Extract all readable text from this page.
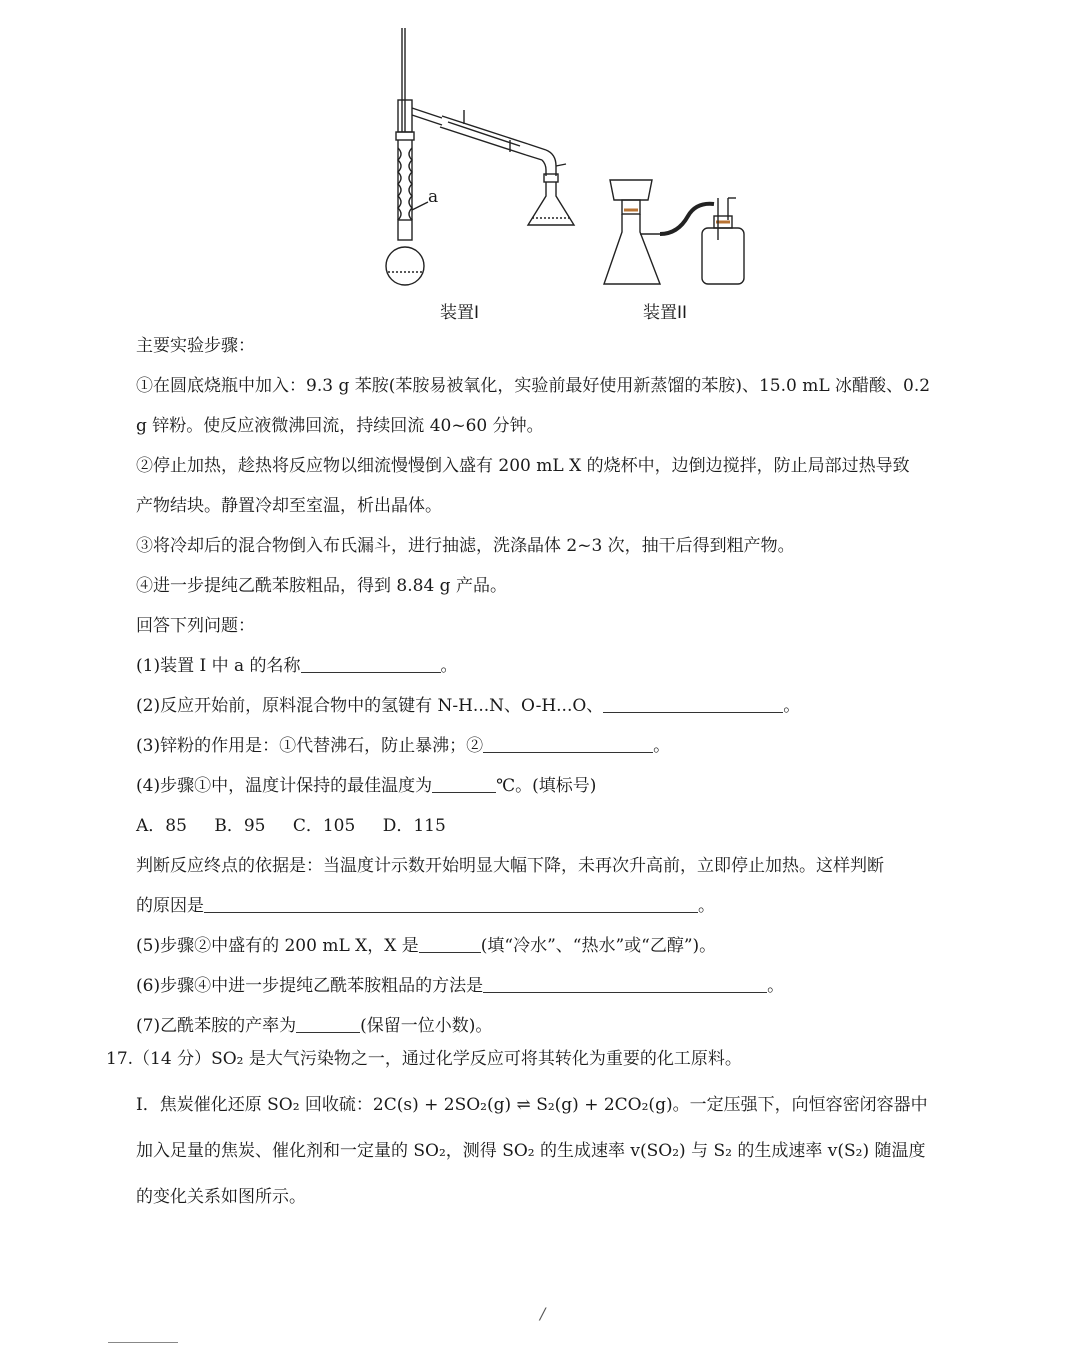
a
装置I	装置II
主要实验步骤：
①在圆底烧瓶中加入：9.3 g 苯胺(苯胺易被氧化，实验前最好使用新蒸馏的苯胺)、15.0 mL 冰醋酸、0.2
g 锌粉。使反应液微沸回流，持续回流 40~60 分钟。
②停止加热，趁热将反应物以细流慢慢倒入盛有 200 mL X 的烧杯中，边倒边搅拌，防止局部过热导致
产物结块。静置冷却至室温，析出晶体。
③将冷却后的混合物倒入布氏漏斗，进行抽滤，洗涤晶体 2~3 次，抽干后得到粗产物。
④进一步提纯乙酰苯胺粗品，得到 8.84 g 产品。
回答下列问题：
(1)装置 I 中 a 的名称	。
(2)反应开始前，原料混合物中的氢键有 N-H...N、O-H...O、	。
(3)锌粉的作用是：①代替沸石，防止暴沸；②	。
(4)步骤①中，温度计保持的最佳温度为	℃。(填标号)
A．85 B．95 C．105 D．115
判断反应终点的依据是：当温度计示数开始明显大幅下降，未再次升高前，立即停止加热。这样判断
的原因是	。
(5)步骤②中盛有的 200 mL X，X 是	(填“冷水”、“热水”或“乙醇”)。
(6)步骤④中进一步提纯乙酰苯胺粗品的方法是	。
(7)乙酰苯胺的产率为	(保留一位小数)。
17.（14 分）SO₂ 是大气污染物之一，通过化学反应可将其转化为重要的化工原料。
I．焦炭催化还原 SO₂ 回收硫：2C(s) + 2SO₂(g) ⇌ S₂(g) + 2CO₂(g)。一定压强下，向恒容密闭容器中
加入足量的焦炭、催化剂和一定量的 SO₂，测得 SO₂ 的生成速率 v(SO₂) 与 S₂ 的生成速率 v(S₂) 随温度
的变化关系如图所示。
/
